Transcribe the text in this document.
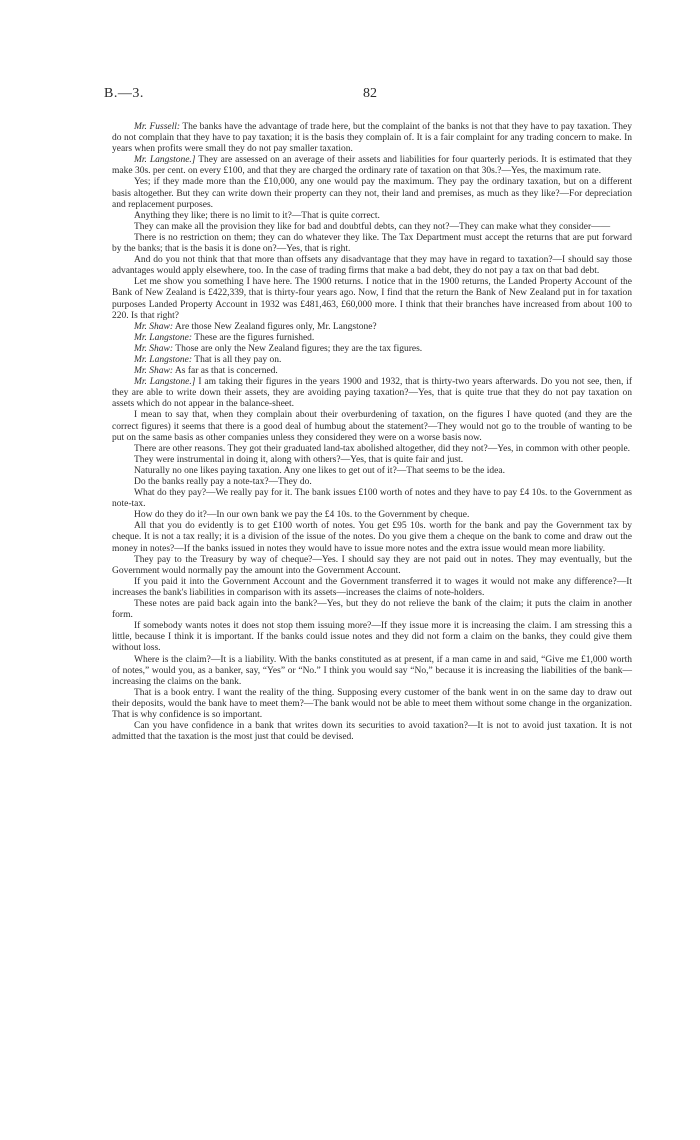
B.—3.	82

Mr. Fussell: The banks have the advantage of trade here, but the complaint of the banks is not that they have to pay taxation. They do not complain that they have to pay taxation; it is the basis they complain of. It is a fair complaint for any trading concern to make. In years when profits were small they do not pay smaller taxation.

Mr. Langstone.] They are assessed on an average of their assets and liabilities for four quarterly periods. It is estimated that they make 30s. per cent. on every £100, and that they are charged the ordinary rate of taxation on that 30s.?—Yes, the maximum rate.

Yes; if they made more than the £10,000, any one would pay the maximum. They pay the ordinary taxation, but on a different basis altogether. But they can write down their property can they not, their land and premises, as much as they like?—For depreciation and replacement purposes.

Anything they like; there is no limit to it?—That is quite correct.

They can make all the provision they like for bad and doubtful debts, can they not?—They can make what they consider——

There is no restriction on them; they can do whatever they like. The Tax Department must accept the returns that are put forward by the banks; that is the basis it is done on?—Yes, that is right.

And do you not think that that more than offsets any disadvantage that they may have in regard to taxation?—I should say those advantages would apply elsewhere, too. In the case of trading firms that make a bad debt, they do not pay a tax on that bad debt.

Let me show you something I have here. The 1900 returns. I notice that in the 1900 returns, the Landed Property Account of the Bank of New Zealand is £422,339, that is thirty-four years ago. Now, I find that the return the Bank of New Zealand put in for taxation purposes Landed Property Account in 1932 was £481,463, £60,000 more. I think that their branches have increased from about 100 to 220. Is that right?

Mr. Shaw: Are those New Zealand figures only, Mr. Langstone?

Mr. Langstone: These are the figures furnished.

Mr. Shaw: Those are only the New Zealand figures; they are the tax figures.

Mr. Langstone: That is all they pay on.

Mr. Shaw: As far as that is concerned.

Mr. Langstone.] I am taking their figures in the years 1900 and 1932, that is thirty-two years afterwards. Do you not see, then, if they are able to write down their assets, they are avoiding paying taxation?—Yes, that is quite true that they do not pay taxation on assets which do not appear in the balance-sheet.

I mean to say that, when they complain about their overburdening of taxation, on the figures I have quoted (and they are the correct figures) it seems that there is a good deal of humbug about the statement?—They would not go to the trouble of wanting to be put on the same basis as other companies unless they considered they were on a worse basis now.

There are other reasons. They got their graduated land-tax abolished altogether, did they not?—Yes, in common with other people.

They were instrumental in doing it, along with others?—Yes, that is quite fair and just.

Naturally no one likes paying taxation. Any one likes to get out of it?—That seems to be the idea.

Do the banks really pay a note-tax?—They do.

What do they pay?—We really pay for it. The bank issues £100 worth of notes and they have to pay £4 10s. to the Government as note-tax.

How do they do it?—In our own bank we pay the £4 10s. to the Government by cheque.

All that you do evidently is to get £100 worth of notes. You get £95 10s. worth for the bank and pay the Government tax by cheque. It is not a tax really; it is a division of the issue of the notes. Do you give them a cheque on the bank to come and draw out the money in notes?—If the banks issued in notes they would have to issue more notes and the extra issue would mean more liability.

They pay to the Treasury by way of cheque?—Yes. I should say they are not paid out in notes. They may eventually, but the Government would normally pay the amount into the Government Account.

If you paid it into the Government Account and the Government transferred it to wages it would not make any difference?—It increases the bank's liabilities in comparison with its assets—increases the claims of note-holders.

These notes are paid back again into the bank?—Yes, but they do not relieve the bank of the claim; it puts the claim in another form.

If somebody wants notes it does not stop them issuing more?—If they issue more it is increasing the claim. I am stressing this a little, because I think it is important. If the banks could issue notes and they did not form a claim on the banks, they could give them without loss.

Where is the claim?—It is a liability. With the banks constituted as at present, if a man came in and said, “Give me £1,000 worth of notes,” would you, as a banker, say, “Yes” or “No.” I think you would say “No,” because it is increasing the liabilities of the bank—increasing the claims on the bank.

That is a book entry. I want the reality of the thing. Supposing every customer of the bank went in on the same day to draw out their deposits, would the bank have to meet them?—The bank would not be able to meet them without some change in the organization. That is why confidence is so important.

Can you have confidence in a bank that writes down its securities to avoid taxation?—It is not to avoid just taxation. It is not admitted that the taxation is the most just that could be devised.
